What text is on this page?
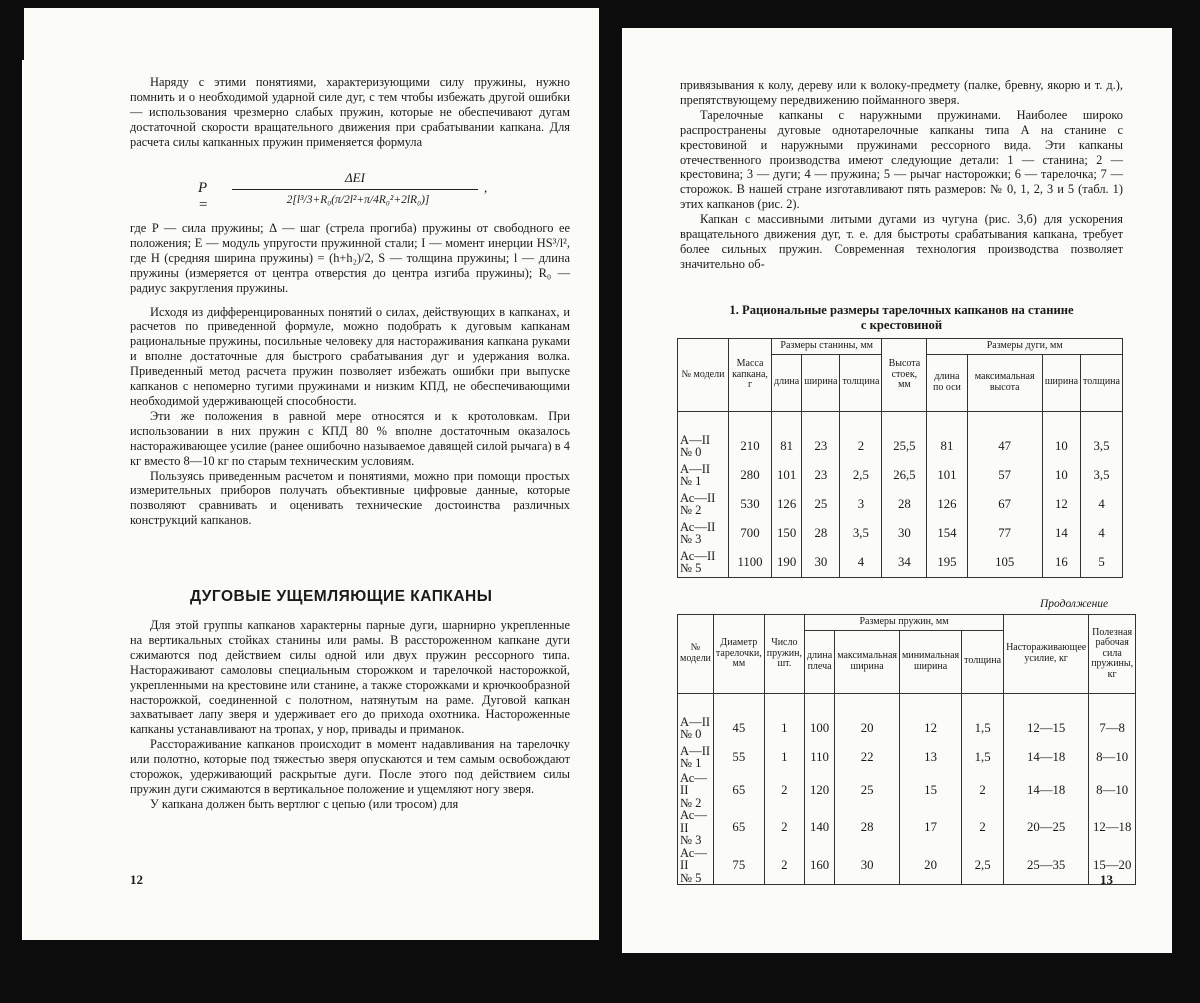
Наряду с этими понятиями, характеризующими силу пружины, нужно помнить и о необходимой ударной силе дуг, с тем чтобы избежать другой ошибки — использования чрезмерно слабых пружин, которые не обеспечивают дугам достаточной скорости вращательного движения при срабатывании капкана. Для расчета силы капканных пружин применяется формула

P =
ΔEI
2[l³/3+R₀(π/2l²+π/4R₀²+2lR₀)]
,

где P — сила пружины; Δ — шаг (стрела прогиба) пружины от свободного ее положения; E — модуль упругости пружинной стали; I — момент инерции HS³/l², где H (средняя ширина пружины) = (h+h₂)/2, S — толщина пружины; l — длина пружины (измеряется от центра отверстия до центра изгиба пружины); R₀ — радиус закругления пружины.

Исходя из дифференцированных понятий о силах, действующих в капканах, и расчетов по приведенной формуле, можно подобрать к дуговым капканам рациональные пружины, посильные человеку для настораживания капкана руками и вполне достаточные для быстрого срабатывания дуг и удержания волка. Приведенный метод расчета пружин позволяет избежать ошибки при выпуске капканов с непомерно тугими пружинами и низким КПД, не обеспечивающими необходимой удерживающей способности.

Эти же положения в равной мере относятся и к кротоловкам. При использовании в них пружин с КПД 80 % вполне достаточным оказалось настораживающее усилие (ранее ошибочно называемое давящей силой рычага) в 4 кг вместо 8—10 кг по старым техническим условиям.

Пользуясь приведенным расчетом и понятиями, можно при помощи простых измерительных приборов получать объективные цифровые данные, которые позволяют сравнивать и оценивать технические достоинства различных конструкций капканов.

ДУГОВЫЕ УЩЕМЛЯЮЩИЕ КАПКАНЫ

Для этой группы капканов характерны парные дуги, шарнирно укрепленные на вертикальных стойках станины или рамы. В расстороженном капкане дуги сжимаются под действием силы одной или двух пружин рессорного типа. Настораживают самоловы специальным сторожком и тарелочкой насторожкой, укрепленными на крестовине или станине, а также сторожками и крючкообразной насторожкой, соединенной с полотном, натянутым на раме. Дуговой капкан захватывает лапу зверя и удерживает его до прихода охотника. Настороженные капканы устанавливают на тропах, у нор, привады и приманок.

Расстораживание капканов происходит в момент надавливания на тарелочку или полотно, которые под тяжестью зверя опускаются и тем самым освобождают сторожок, удерживающий раскрытые дуги. После этого под действием силы пружин дуги сжимаются в вертикальное положение и ущемляют ногу зверя.

У капкана должен быть вертлюг с цепью (или тросом) для

12

привязывания к колу, дереву или к волоку-предмету (палке, бревну, якорю и т. д.), препятствующему передвижению пойманного зверя.

Тарелочные капканы с наружными пружинами. Наиболее широко распространены дуговые однотарелочные капканы типа А на станине с крестовиной и наружными пружинами рессорного вида. Эти капканы отечественного производства имеют следующие детали: 1 — станина; 2 — крестовина; 3 — дуги; 4 — пружина; 5 — рычаг насторожки; 6 — тарелочка; 7 — сторожок. В нашей стране изготавливают пять размеров: № 0, 1, 2, 3 и 5 (табл. 1) этих капканов (рис. 2).

Капкан с массивными литыми дугами из чугуна (рис. 3,б) для ускорения вращательного движения дуг, т. е. для быстроты срабатывания капкана, требует более сильных пружин. Современная технология производства позволяет значительно об-

1. Рациональные размеры тарелочных капканов на станине
с крестовиной
№ модели	Масса капкана, г	Размеры станины, мм			Высота стоек, мм	Размеры дуги, мм			
		длина	ширина	толщина		длина по оси	максимальная высота	ширина	толщина

А—II
№ 0	210	81	23	2	25,5	81	47	10	3,5
А—II
№ 1	280	101	23	2,5	26,5	101	57	10	3,5
Ас—II
№ 2	530	126	25	3	28	126	67	12	4
Ас—II
№ 3	700	150	28	3,5	30	154	77	14	4
Ас—II
№ 5	1100	190	30	4	34	195	105	16	5
Продолжение
№ модели	Диаметр тарелочки, мм	Число пружин, шт.	Размеры пружин, мм				Настораживающее усилие, кг	Полезная рабочая сила пружины, кг
			длина плеча	максимальная ширина	минимальная ширина	толщина		

А—II
№ 0	45	1	100	20	12	1,5	12—15	7—8
А—II
№ 1	55	1	110	22	13	1,5	14—18	8—10
Ас—II
№ 2	65	2	120	25	15	2	14—18	8—10
Ас—II
№ 3	65	2	140	28	17	2	20—25	12—18
Ас—II
№ 5	75	2	160	30	20	2,5	25—35	15—20
13
